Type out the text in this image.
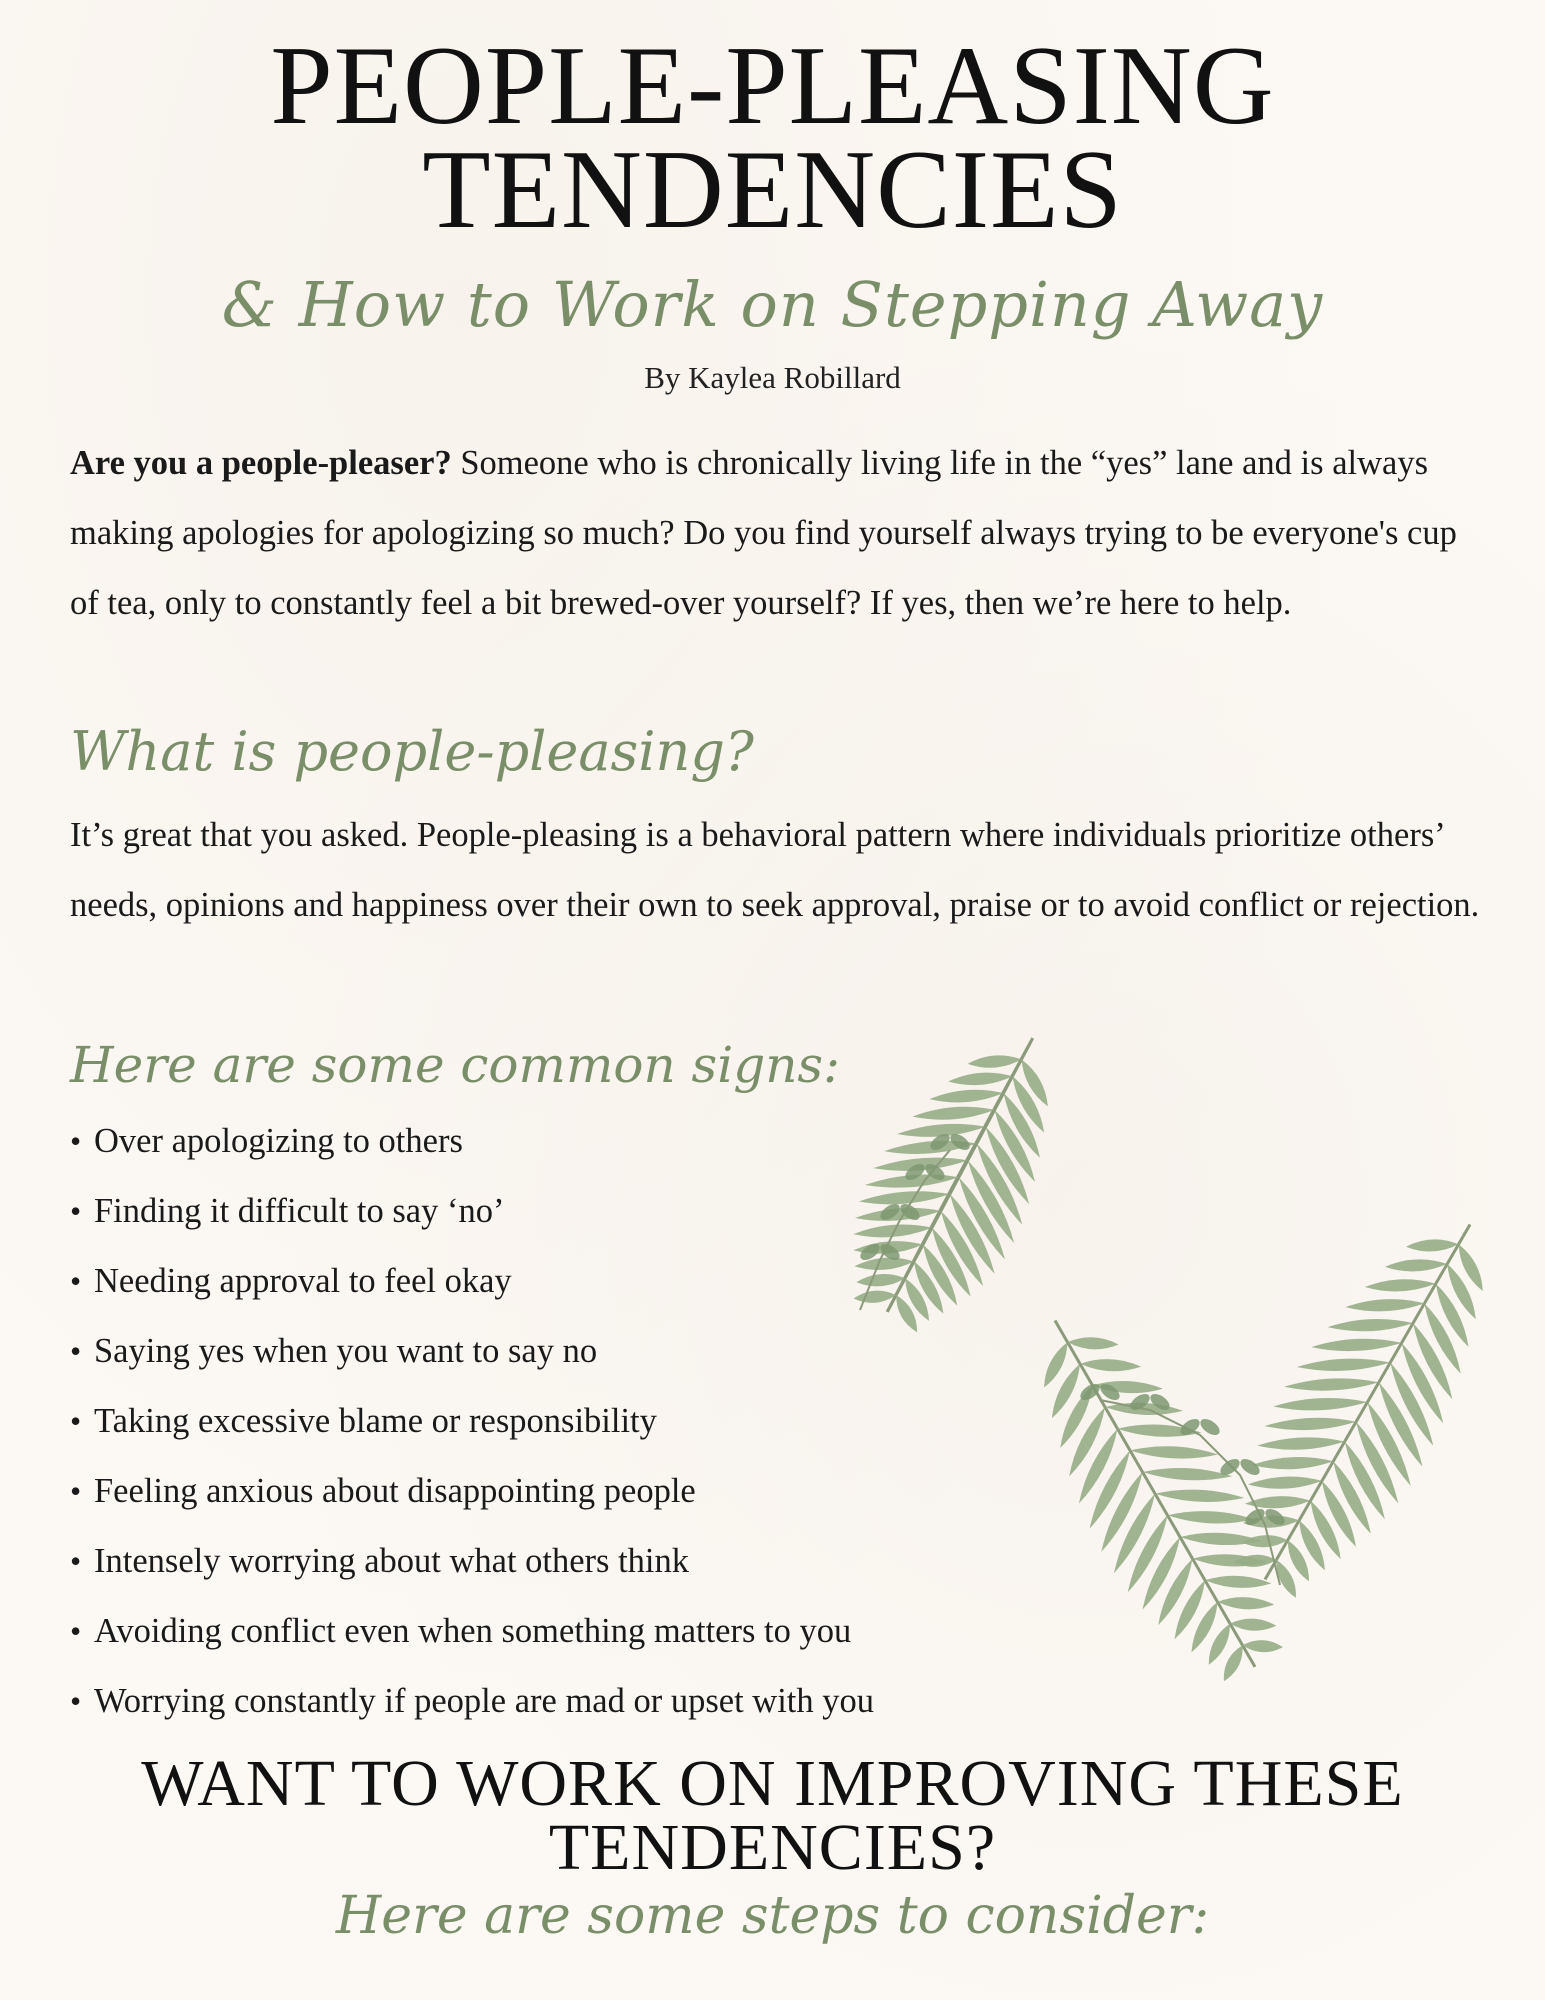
PEOPLE-PLEASING
TENDENCIES
& How to Work on Stepping Away

By Kaylea Robillard

Are you a people-pleaser? Someone who is chronically living life in the “yes” lane and is always making apologies for apologizing so much? Do you find yourself always trying to be everyone's cup of tea, only to constantly feel a bit brewed-over yourself? If yes, then we’re here to help.

What is people-pleasing?

It’s great that you asked. People-pleasing is a behavioral pattern where individuals prioritize others’ needs, opinions and happiness over their own to seek approval, praise or to avoid conflict or rejection.

Here are some common signs:
• Over apologizing to others
• Finding it difficult to say ‘no’
• Needing approval to feel okay
• Saying yes when you want to say no
• Taking excessive blame or responsibility
• Feeling anxious about disappointing people
• Intensely worrying about what others think
• Avoiding conflict even when something matters to you
• Worrying constantly if people are mad or upset with you

WANT TO WORK ON IMPROVING THESE
TENDENCIES?

Here are some steps to consider:
